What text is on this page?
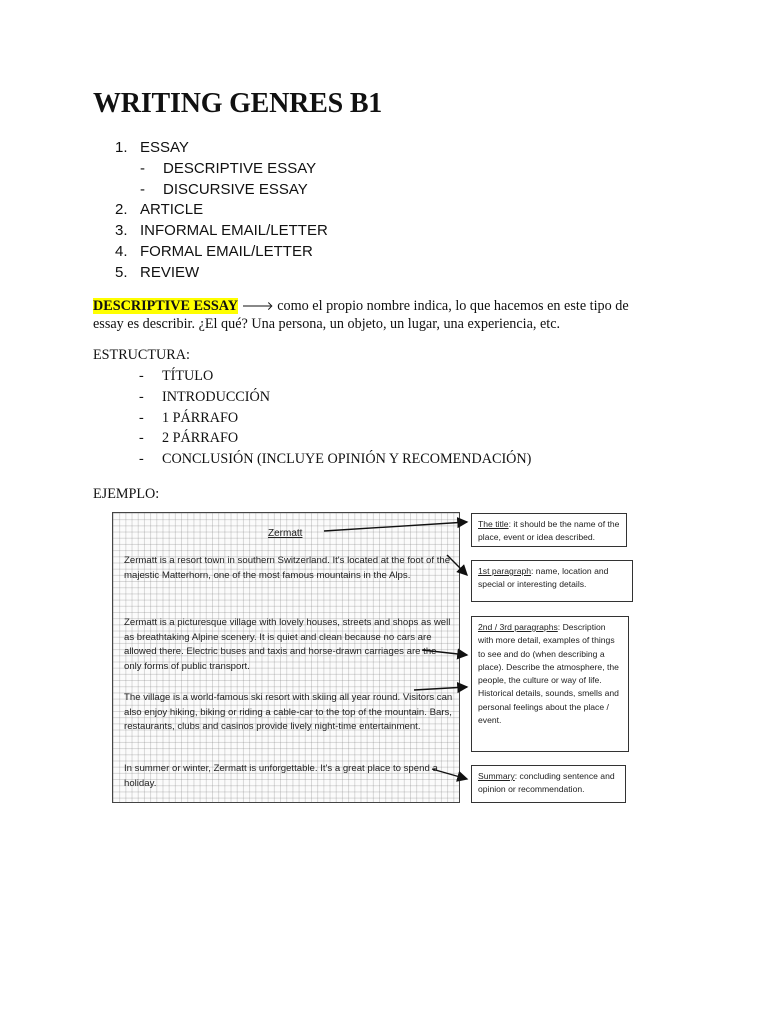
WRITING GENRES B1
1. ESSAY
- DESCRIPTIVE ESSAY
- DISCURSIVE ESSAY
2. ARTICLE
3. INFORMAL EMAIL/LETTER
4. FORMAL EMAIL/LETTER
5. REVIEW

DESCRIPTIVE ESSAY 🡒 como el propio nombre indica, lo que hacemos en este tipo de essay es describir. ¿El qué? Una persona, un objeto, un lugar, una experiencia, etc.

ESTRUCTURA:

- TÍTULO
- INTRODUCCIÓN
- 1 PÁRRAFO
- 2 PÁRRAFO
- CONCLUSIÓN (INCLUYE OPINIÓN Y RECOMENDACIÓN)

EJEMPLO:

Zermatt

Zermatt is a resort town in southern Switzerland. It's located at the foot of the majestic Matterhorn, one of the most famous mountains in the Alps.

Zermatt is a picturesque village with lovely houses, streets and shops as well as breathtaking Alpine scenery. It is quiet and clean because no cars are allowed there. Electric buses and taxis and horse-drawn carriages are the only forms of public transport.

The village is a world-famous ski resort with skiing all year round. Visitors can also enjoy hiking, biking or riding a cable-car to the top of the mountain. Bars, restaurants, clubs and casinos provide lively night-time entertainment.

In summer or winter, Zermatt is unforgettable. It's a great place to spend a holiday.

The title: it should be the name of the place, event or idea described.
1st paragraph: name, location and special or interesting details.
2nd / 3rd paragraphs: Description with more detail, examples of things to see and do (when describing a place). Describe the atmosphere, the people, the culture or way of life. Historical details, sounds, smells and personal feelings about the place / event.
Summary: concluding sentence and opinion or recommendation.
